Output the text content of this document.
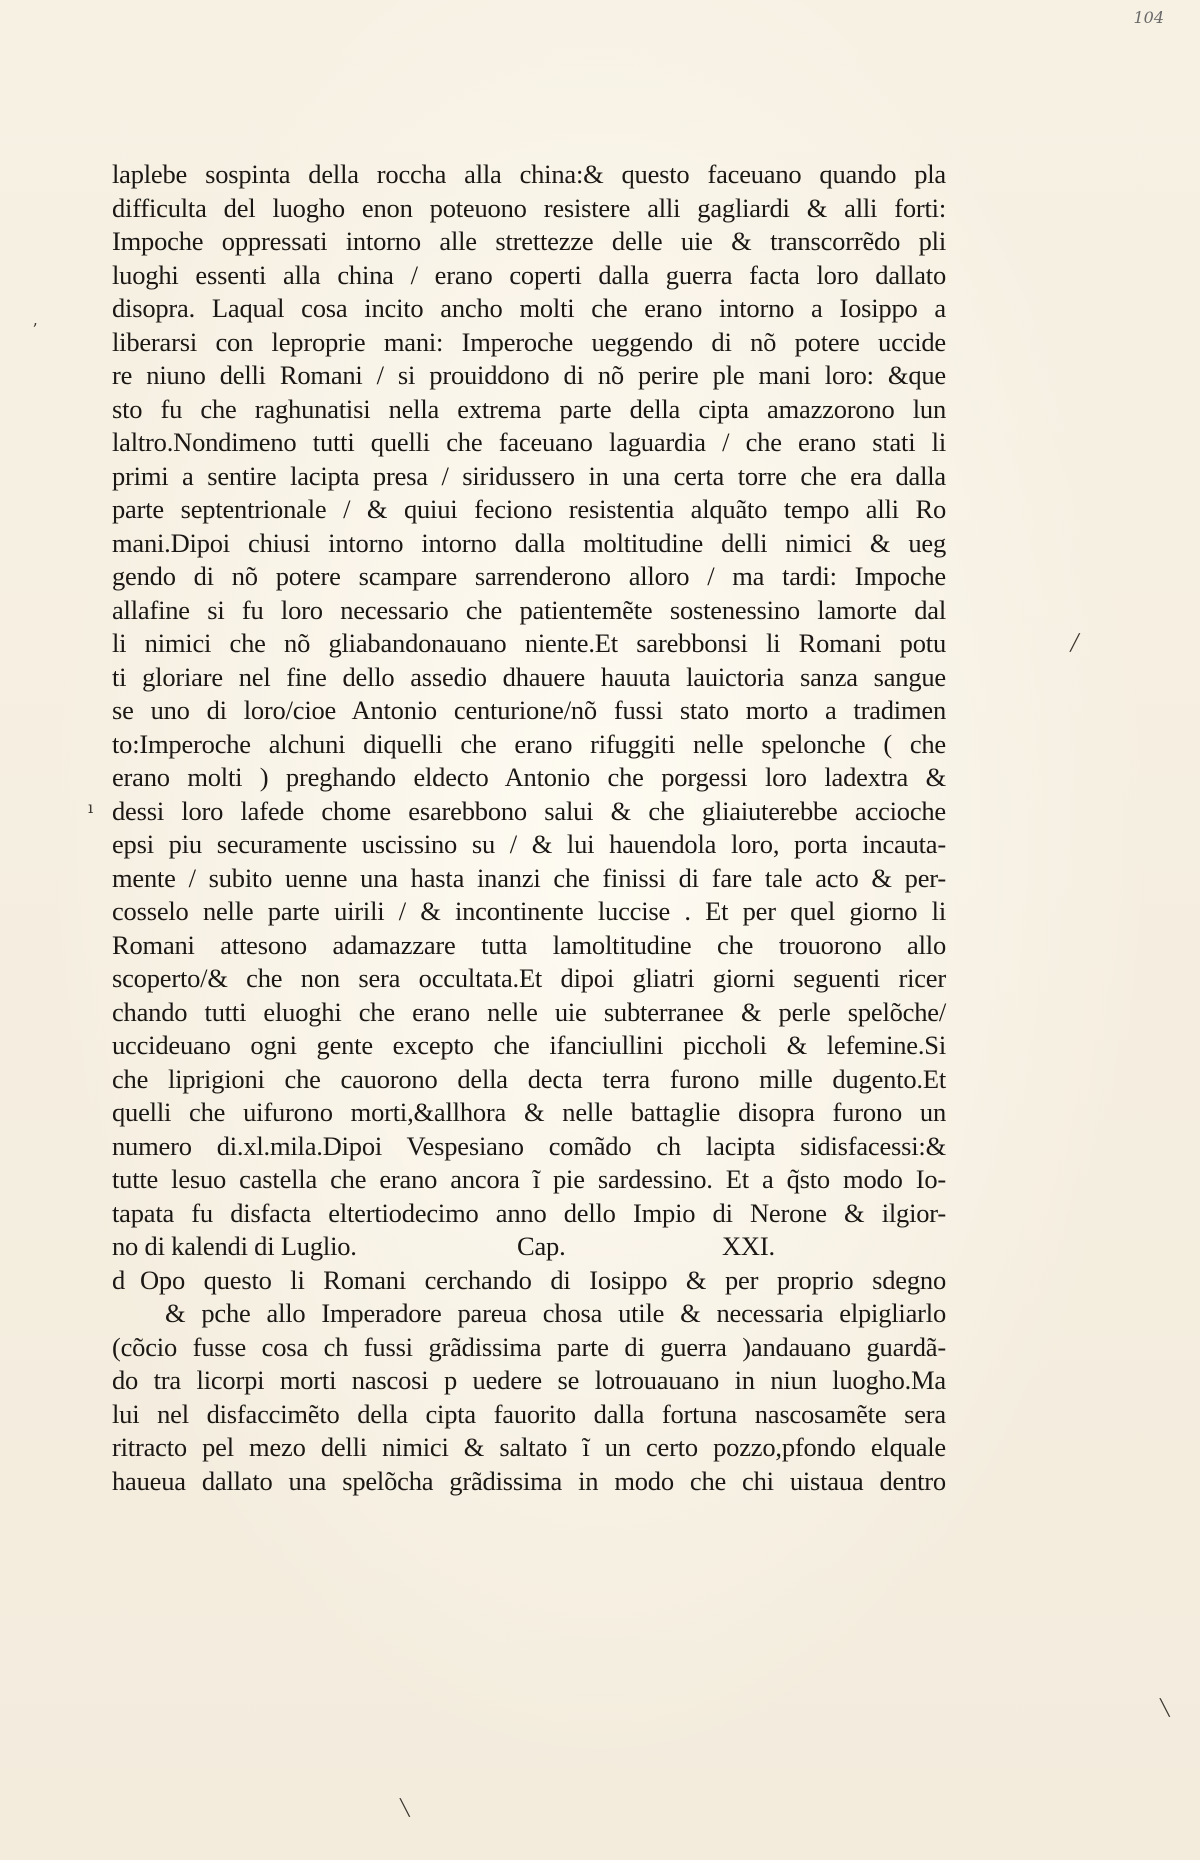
104
laplebe sospinta della roccha alla china:& questo faceuano quando pla
difficulta del luogho enon poteuono resistere alli gagliardi & alli forti:
Impoche oppressati intorno alle strettezze delle uie & transcorrẽdo pli
luoghi essenti alla china / erano coperti dalla guerra facta loro dallato
disopra. Laqual cosa incito ancho molti che erano intorno a Iosippo a
liberarsi con leproprie mani: Imperoche ueggendo di nõ potere uccide
re niuno delli Romani / si prouiddono di nõ perire ple mani loro: &que
sto fu che raghunatisi nella extrema parte della cipta amazzorono lun
laltro.Nondimeno tutti quelli che faceuano laguardia / che erano stati li
primi a sentire lacipta presa / siridussero in una certa torre che era dalla
parte septentrionale / & quiui feciono resistentia alquãto tempo alli Ro
mani.Dipoi chiusi intorno intorno dalla moltitudine delli nimici & ueg
gendo di nõ potere scampare sarrenderono alloro / ma tardi: Impoche
allafine si fu loro necessario che patientemẽte sostenessino lamorte dal
li nimici che nõ gliabandonauano niente.Et sarebbonsi li Romani potu
ti gloriare nel fine dello assedio dhauere hauuta lauictoria sanza sangue
se uno di loro/cioe Antonio centurione/nõ fussi stato morto a tradimen
to:Imperoche alchuni diquelli che erano rifuggiti nelle spelonche ( che
erano molti ) preghando eldecto Antonio che porgessi loro ladextra &
dessi loro lafede chome esarebbono salui & che gliaiuterebbe accioche
epsi piu securamente uscissino su / & lui hauendola loro, porta incauta-
mente / subito uenne una hasta inanzi che finissi di fare tale acto & per-
cosselo nelle parte uirili / & incontinente luccise . Et per quel giorno li
Romani attesono adamazzare tutta lamoltitudine che trouorono allo
scoperto/& che non sera occultata.Et dipoi gliatri giorni seguenti ricer
chando tutti eluoghi che erano nelle uie subterranee & perle spelõche/
uccideuano ogni gente excepto che ifanciullini piccholi & lefemine.Si
che liprigioni che cauorono della decta terra furono mille dugento.Et
quelli che uifurono morti,&allhora & nelle battaglie disopra furono un
numero di.xl.mila.Dipoi Vespesiano comãdo ch lacipta sidisfacessi:&
tutte lesuo castella che erano ancora ĩ pie sardessino. Et a q̃sto modo Io-
tapata fu disfacta eltertiodecimo anno dello Impio di Nerone & ilgior-
no di kalendi di Luglio.	Cap.	XXI.
d Opo questo li Romani cerchando di Iosippo & per proprio sdegno
& pche allo Imperadore pareua chosa utile & necessaria elpigliarlo
(cõcio fusse cosa ch fussi grãdissima parte di guerra )andauano guardã-
do tra licorpi morti nascosi p uedere se lotrouauano in niun luogho.Ma
lui nel disfaccimẽto della cipta fauorito dalla fortuna nascosamẽte sera
ritracto pel mezo delli nimici & saltato ĩ un certo pozzo,pfondo elquale
haueua dallato una spelõcha grãdissima in modo che chi uistaua dentro
ʼ
╱
ı
╲
╲
